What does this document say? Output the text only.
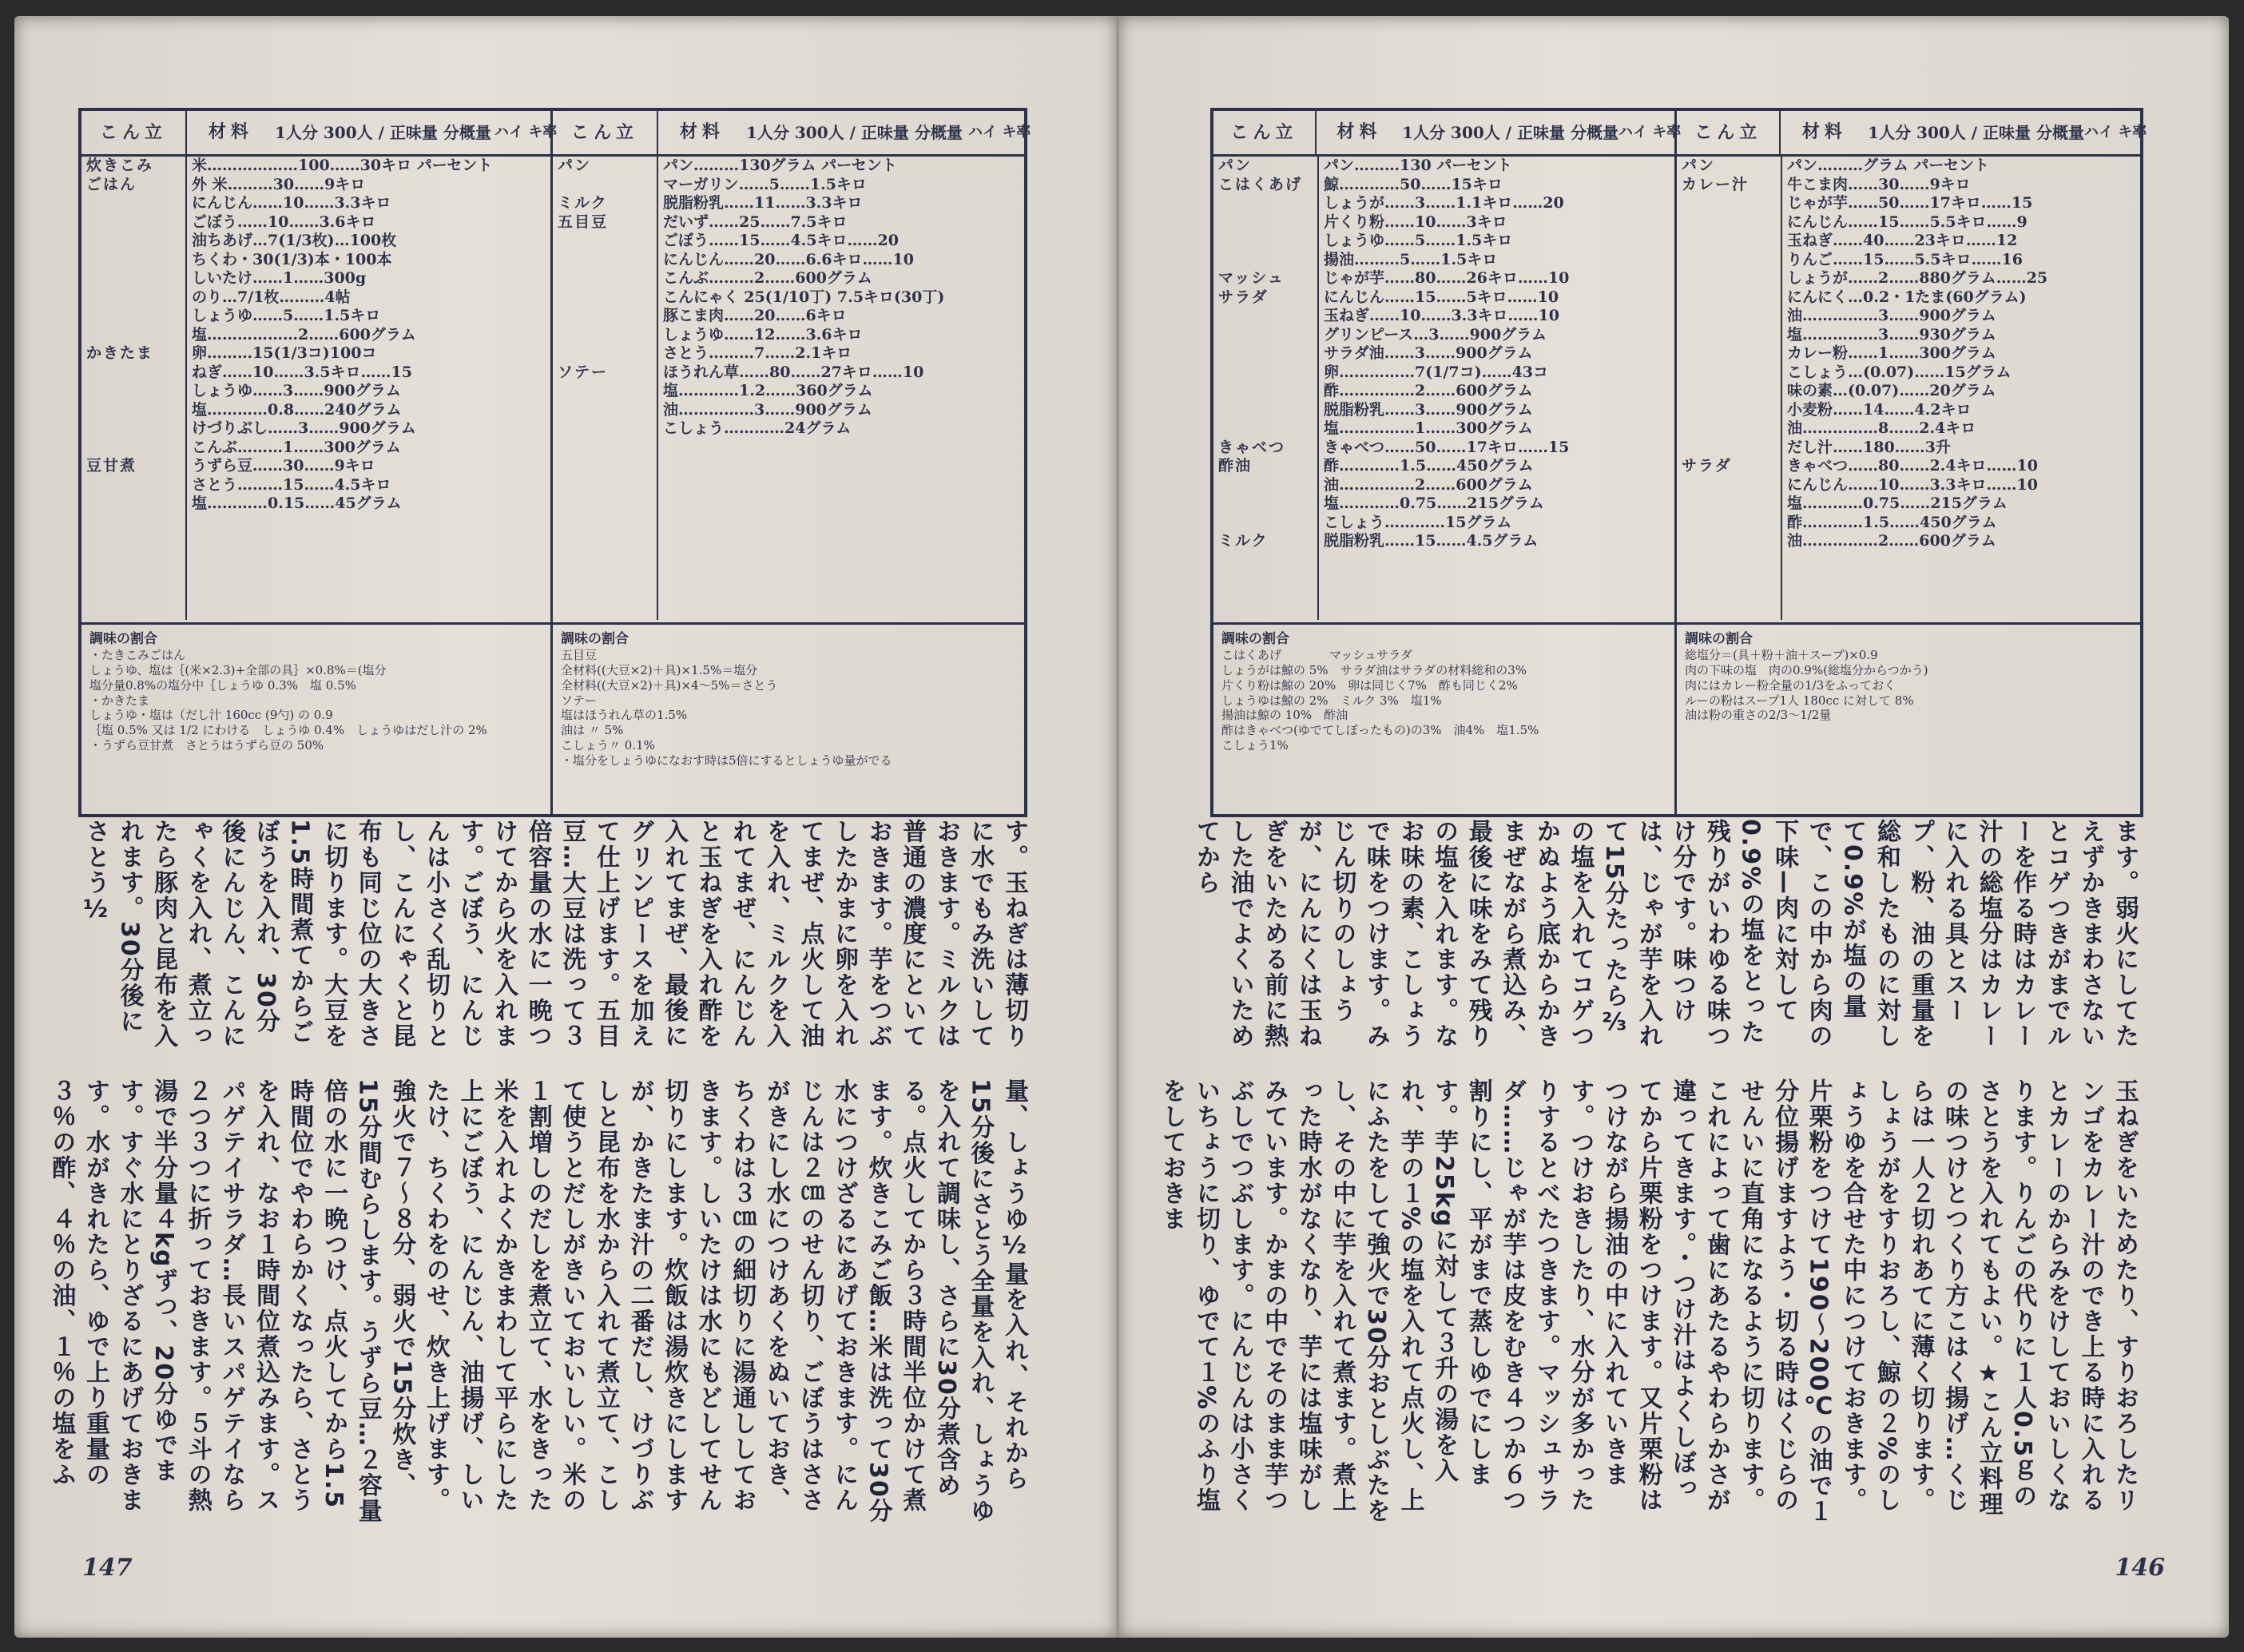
こん立	材料	1人分 300人 / 正味量 分概量 ハイ キ率
炊きこみ	米………………100……30キロ パーセント
ごはん	外 米………30……9キロ
にんじん……10……3.3キロ
ごぼう……10……3.6キロ
油ちあげ…7(1/3枚)…100枚
ちくわ・30(1/3)本・100本
しいたけ……1……300g
のり…7/1枚………4帖
しょうゆ……5……1.5キロ
塩………………2……600グラム
かきたま	卵………15(1/3コ)100コ
ねぎ……10……3.5キロ……15
しょうゆ……3……900グラム
塩…………0.8……240グラム
けづりぶし……3……900グラム
こんぶ………1……300グラム
豆甘煮	うずら豆……30……9キロ
さとう………15……4.5キロ
塩…………0.15……45グラム
こん立	材料	1人分 300人 / 正味量 分概量 ハイ キ率
パン	パン………130グラム パーセント
マーガリン……5……1.5キロ
ミルク	脱脂粉乳……11……3.3キロ
五目豆	だいず……25……7.5キロ
ごぼう……15……4.5キロ……20
にんじん……20……6.6キロ……10
こんぶ………2……600グラム
こんにゃく 25(1/10丁) 7.5キロ(30丁)
豚こま肉……20……6キロ
しょうゆ……12……3.6キロ
さとう………7……2.1キロ
ソテー	ほうれん草……80……27キロ……10
塩…………1.2……360グラム
油……………3……900グラム
こしょう…………24グラム
調味の割合

・たきこみごはん

しょうゆ、塩は｛(米×2.3)+全部の具｝×0.8%＝(塩分

塩分量0.8%の塩分中｛しょうゆ 0.3%　塩 0.5%

・かきたま

しょうゆ・塩は（だし汁 160cc (9勺) の 0.9

｛塩 0.5% 又は 1/2 にわける　しょうゆ 0.4%　しょうゆはだし汁の 2%

・うずら豆甘煮　さとうはうずら豆の 50%

調味の割合

五目豆

全材料((大豆×2)＋具)×1.5%＝塩分

全材料((大豆×2)＋具)×4〜5%＝さとう

ソテー

塩はほうれん草の1.5%

油は 〃 5%

こしょう〃 0.1%

・塩分をしょうゆになおす時は5倍にするとしょうゆ量がでる

す。玉ねぎは薄切りに水でもみ洗いしておきます。ミルクは普通の濃度にといておきます。芋をつぶしたかまに卵を入れてまぜ、点火して油を入れ、ミルクを入れてまぜ、にんじんと玉ねぎを入れ酢を入れてまぜ、最後にグリンピースを加えて仕上げます。五目豆…大豆は洗って３倍容量の水に一晩つけてから火を入れます。ごぼう、にんじんは小さく乱切りとし、こんにゃくと昆布も同じ位の大きさに切ります。大豆を1.5時間煮てからごぼうを入れ、30分後にんじん、こんにゃくを入れ、煮立ったら豚肉と昆布を入れます。30分後にさとう½
量、しょうゆ½量を入れ、それから15分後にさとう全量を入れ、しょうゆを入れて調味し、さらに30分煮含める。点火してから３時間半位かけて煮ます。炊きこみご飯…米は洗って30分水につけざるにあげておきます。にんじんは２㎝のせん切り、ごぼうはささがきにし水につけあくをぬいておき、ちくわは３㎝の細切りに湯通ししておきます。しいたけは水にもどしてせん切りにします。炊飯は湯炊きにしますが、かきたま汁の二番だし、けづりぶしと昆布を水から入れて煮立て、こして使うとだしがきいておいしい。米の１割増しのだしを煮立て、水をきった米を入れよくかきまわして平らにした上にごぼう、にんじん、油揚げ、しいたけ、ちくわをのせ、炊き上げます。強火で７〜８分、弱火で15分炊き、15分間むらします。うずら豆…２容量倍の水に一晩つけ、点火してから1.5時間位でやわらかくなったら、さとうを入れ、なお１時間位煮込みます。スパゲテイサラダ…長いスパゲテイなら２つ３つに折っておきます。５斗の熱湯で半分量４kgずつ、20分ゆでます。すぐ水にとりざるにあげておきます。水がきれたら、ゆで上り重量の３％の酢、４％の油、１％の塩をふ
147
こん立	材料	1人分 300人 / 正味量 分概量 ハイ キ率
パン	パン………130 パーセント
こはくあげ	鯨…………50……15キロ
しょうが……3……1.1キロ……20
片くり粉……10……3キロ
しょうゆ……5……1.5キロ
揚油………5……1.5キロ
マッシュ	じゃが芋……80……26キロ……10
サラダ	にんじん……15……5キロ……10
玉ねぎ……10……3.3キロ……10
グリンピース…3……900グラム
サラダ油……3……900グラム
卵……………7(1/7コ)……43コ
酢……………2……600グラム
脱脂粉乳……3……900グラム
塩……………1……300グラム
きゃべつ	きゃべつ……50……17キロ……15
酢油	酢…………1.5……450グラム
油……………2……600グラム
塩…………0.75……215グラム
こしょう…………15グラム
ミルク	脱脂粉乳……15……4.5グラム
こん立	材料	1人分 300人 / 正味量 分概量 ハイ キ率
パン	パン………グラム パーセント
カレー汁	牛こま肉……30……9キロ
じゃが芋……50……17キロ……15
にんじん……15……5.5キロ……9
玉ねぎ……40……23キロ……12
りんご……15……5.5キロ……16
しょうが……2……880グラム……25
にんにく…0.2・1たま(60グラム)
油……………3……900グラム
塩……………3……930グラム
カレー粉……1……300グラム
こしょう…(0.07)……15グラム
味の素…(0.07)……20グラム
小麦粉……14……4.2キロ
油……………8……2.4キロ
だし汁……180……3升
サラダ	きゃべつ……80……2.4キロ……10
にんじん……10……3.3キロ……10
塩…………0.75……215グラム
酢…………1.5……450グラム
油……………2……600グラム
調味の割合

こはくあげ　　　　マッシュサラダ

しょうがは鯨の 5%　サラダ油はサラダの材料総和の3%

片くり粉は鯨の 20%　卵は同じく7%　酢も同じく2%

しょうゆは鯨の 2%　ミルク 3%　塩1%

揚油は鯨の 10%　酢油

酢はきゃべつ(ゆでてしぼったもの)の3%　油4%　塩1.5%

こしょう1%

調味の割合

総塩分＝(具＋粉＋油＋スープ)×0.9

肉の下味の塩　肉の0.9%(総塩分からつかう)

肉にはカレー粉全量の1/3をふっておく

ルーの粉はスープ1人 180cc に対して 8%

油は粉の重さの2/3〜1/2量

ます。弱火にしてたえずかきまわさないとコゲつきがまでルーを作る時はカレー汁の総塩分はカレーに入れる具とスープ、粉、油の重量を総和したものに対して0.9%が塩の量で、この中から肉の下味—肉に対して0.9%の塩をとった残りがいわゆる味つけ分です。味つけは、じゃが芋を入れて15分たったら⅔の塩を入れてコゲつかぬよう底からかきまぜながら煮込み、最後に味をみて残りの塩を入れます。なお味の素、こしょうで味をつけます。みじん切りのしょうが、にんにくは玉ねぎをいためる前に熱した油でよくいためてから
玉ねぎをいためたり、すりおろしたリンゴをカレー汁のでき上る時に入れるとカレーのからみをけしておいしくなります。りんごの代りに１人0.5ｇのさとうを入れてもよい。★こん立料理の味つけとつくり方こはく揚げ…くじらは一人２切れあてに薄く切ります。しょうがをすりおろし、鯨の２%のしょうゆを合せた中につけておきます。片栗粉をつけて190〜200℃の油で１分位揚げますよう・切る時はくじらのせんいに直角になるように切ります。これによって歯にあたるやわらかさが違ってきます。・つけ汁はよくしぼってから片栗粉をつけます。又片栗粉はつけながら揚油の中に入れていきます。つけおきしたり、水分が多かったりするとべたつきます。マッシュサラダ……じゃが芋は皮をむき４つか６つ割りにし、平がまで蒸しゆでにします。芋25kgに対して３升の湯を入れ、芋の１%の塩を入れて点火し、上にふたをして強火で30分おとしぶたをし、その中に芋を入れて煮ます。煮上った時水がなくなり、芋には塩味がしみています。かまの中でそのまま芋つぶしでつぶします。にんじんは小さくいちょうに切り、ゆでて１%のふり塩をしておきま
146
